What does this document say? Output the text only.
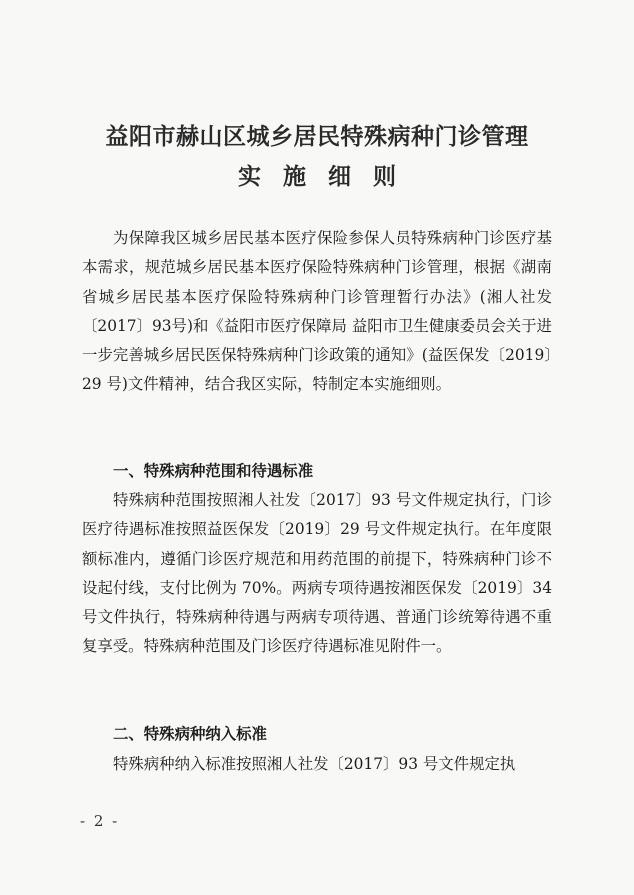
益阳市赫山区城乡居民特殊病种门诊管理
实施细则

为保障我区城乡居民基本医疗保险参保人员特殊病种门诊医疗基本需求，规范城乡居民基本医疗保险特殊病种门诊管理，根据《湖南省城乡居民基本医疗保险特殊病种门诊管理暂行办法》(湘人社发〔2017〕93号)和《益阳市医疗保障局 益阳市卫生健康委员会关于进一步完善城乡居民医保特殊病种门诊政策的通知》(益医保发〔2019〕29 号)文件精神，结合我区实际，特制定本实施细则。

一、特殊病种范围和待遇标准

特殊病种范围按照湘人社发〔2017〕93 号文件规定执行，门诊医疗待遇标准按照益医保发〔2019〕29 号文件规定执行。在年度限额标准内，遵循门诊医疗规范和用药范围的前提下，特殊病种门诊不设起付线，支付比例为 70%。两病专项待遇按湘医保发〔2019〕34 号文件执行，特殊病种待遇与两病专项待遇、普通门诊统筹待遇不重复享受。特殊病种范围及门诊医疗待遇标准见附件一。

二、特殊病种纳入标准

特殊病种纳入标准按照湘人社发〔2017〕93 号文件规定执

- 2 -
